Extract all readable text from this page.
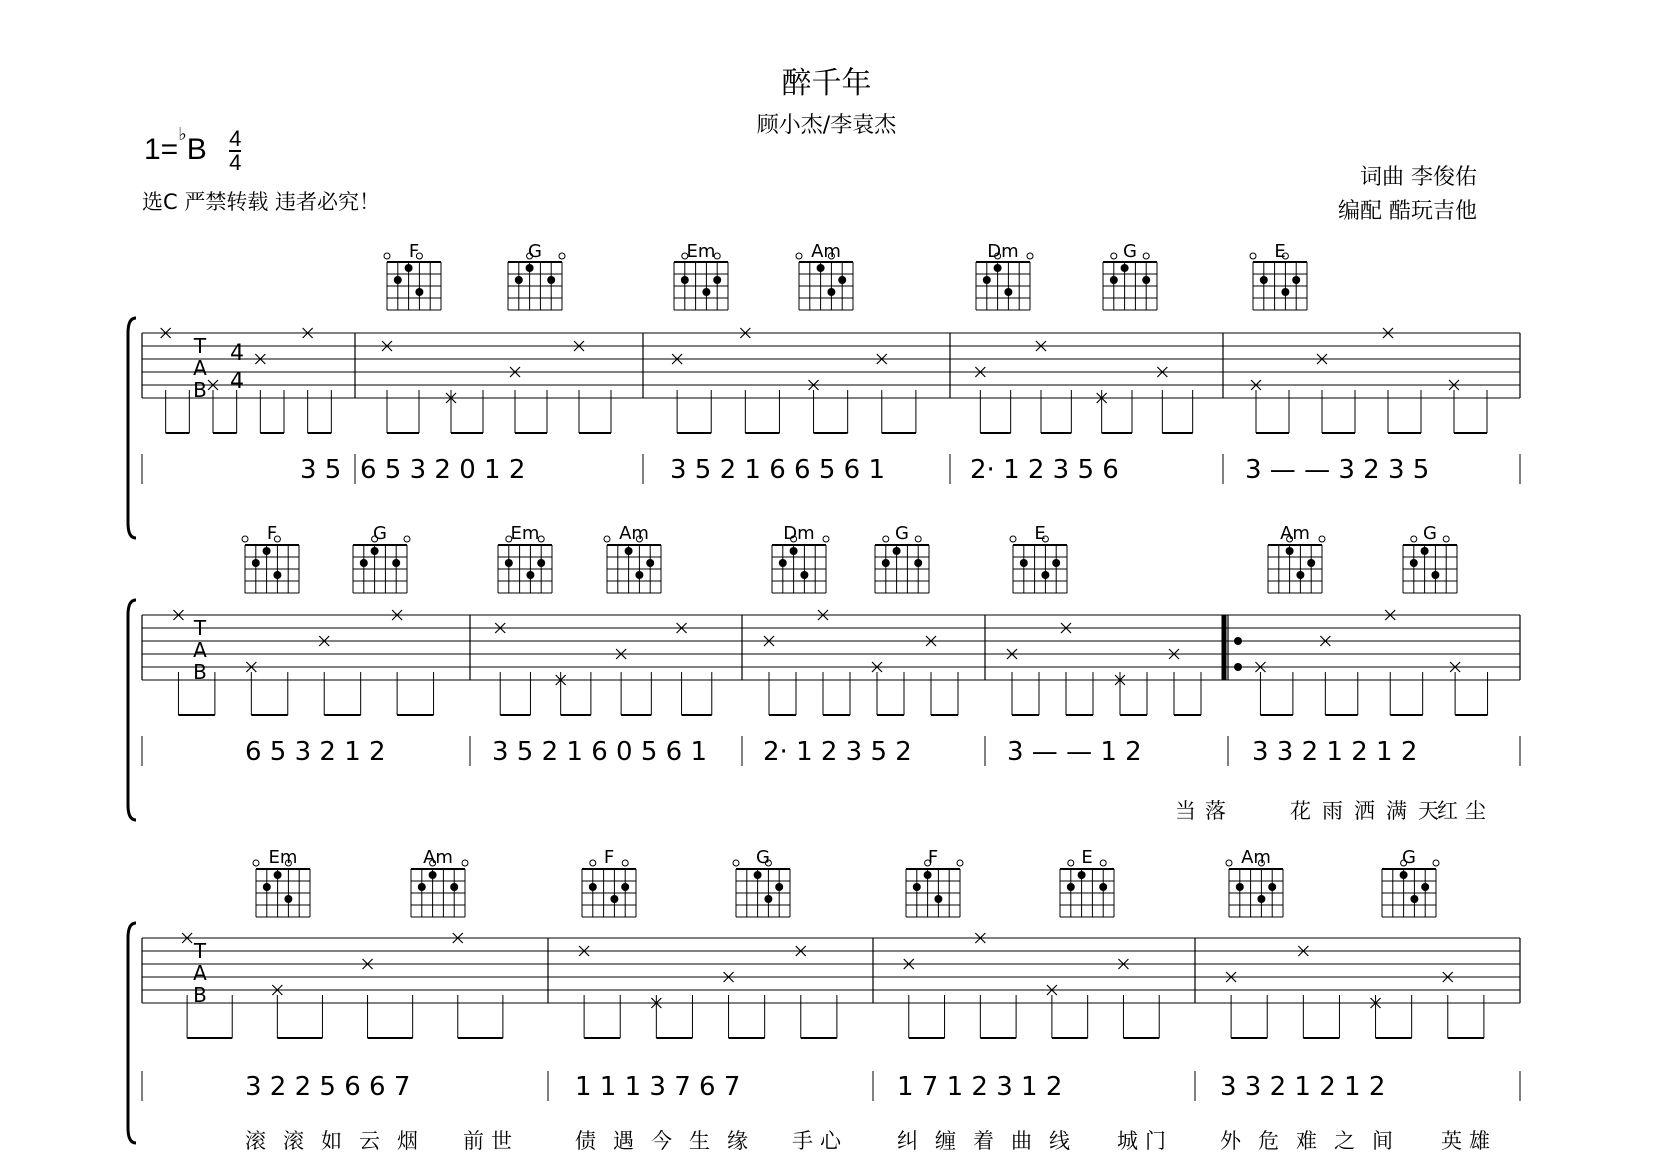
醉千年
顾小杰/李袁杰
$1=^♭B \frac{4}{4}$
选C 严禁转载 违者必究！
词曲 李俊佑
编配 酷玩吉他
T
A
B
4
4
F	G	Em	Am	Dm	G	E
3 5 6 5 3 2 0 1 2	3 5 2 1 6 6 5 6 1	2· 1 2 3 5 6	3 — — 3 2 3 5
T
A
B
F	G	Em	Am	Dm	G	E	Am	G
6 5 3 2 1 2	3 5 2 1 6 0 5 6 1 2· 1 2 3 5 2	3 — — 1 2	3 3 2 1 2 1 2
当落	花雨洒满天
红尘
T
A
B
Em	Am	F	G	F	E	Am	G
3 2 2 5 6 6 7	1 1 1 3 7 6 7	1 7 1 2 3 1 2	3 3 2 1 2 1 2
滚滚如云烟 前世	债遇今生缘 手心 纠缠着曲线 城门 外危难之间 英雄
